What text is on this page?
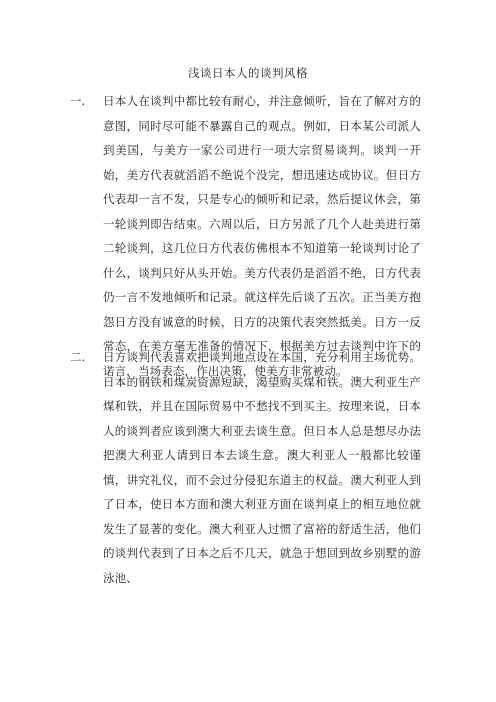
浅谈日本人的谈判风格
一. 日本人在谈判中都比较有耐心，并注意倾听，旨在了解对方的意图，同时尽可能不暴露自己的观点。例如，日本某公司派人到美国，与美方一家公司进行一项大宗贸易谈判。谈判一开始，美方代表就滔滔不绝说个没完，想迅速达成协议。但日方代表却一言不发，只是专心的倾听和记录，然后提议休会，第一轮谈判即告结束。六周以后，日方另派了几个人赴美进行第二轮谈判，这几位日方代表仿佛根本不知道第一轮谈判讨论了什么，谈判只好从头开始。美方代表仍是滔滔不绝，日方代表仍一言不发地倾听和记录。就这样先后谈了五次。正当美方抱怨日方没有诚意的时候，日方的决策代表突然抵美。日方一反常态，在美方毫无准备的情况下，根据美方过去谈判中许下的诺言，当场表态，作出决策，使美方非常被动。
二. 日方谈判代表喜欢把谈判地点设在本国，充分利用主场优势。日本的钢铁和煤炭资源短缺，渴望购买煤和铁。澳大利亚生产煤和铁，并且在国际贸易中不愁找不到买主。按理来说，日本人的谈判者应该到澳大利亚去谈生意。但日本人总是想尽办法把澳大利亚人请到日本去谈生意。澳大利亚人一般都比较谨慎，讲究礼仪，而不会过分侵犯东道主的权益。澳大利亚人到了日本，使日本方面和澳大利亚方面在谈判桌上的相互地位就发生了显著的变化。澳大利亚人过惯了富裕的舒适生活，他们的谈判代表到了日本之后不几天，就急于想回到故乡别墅的游泳池、
